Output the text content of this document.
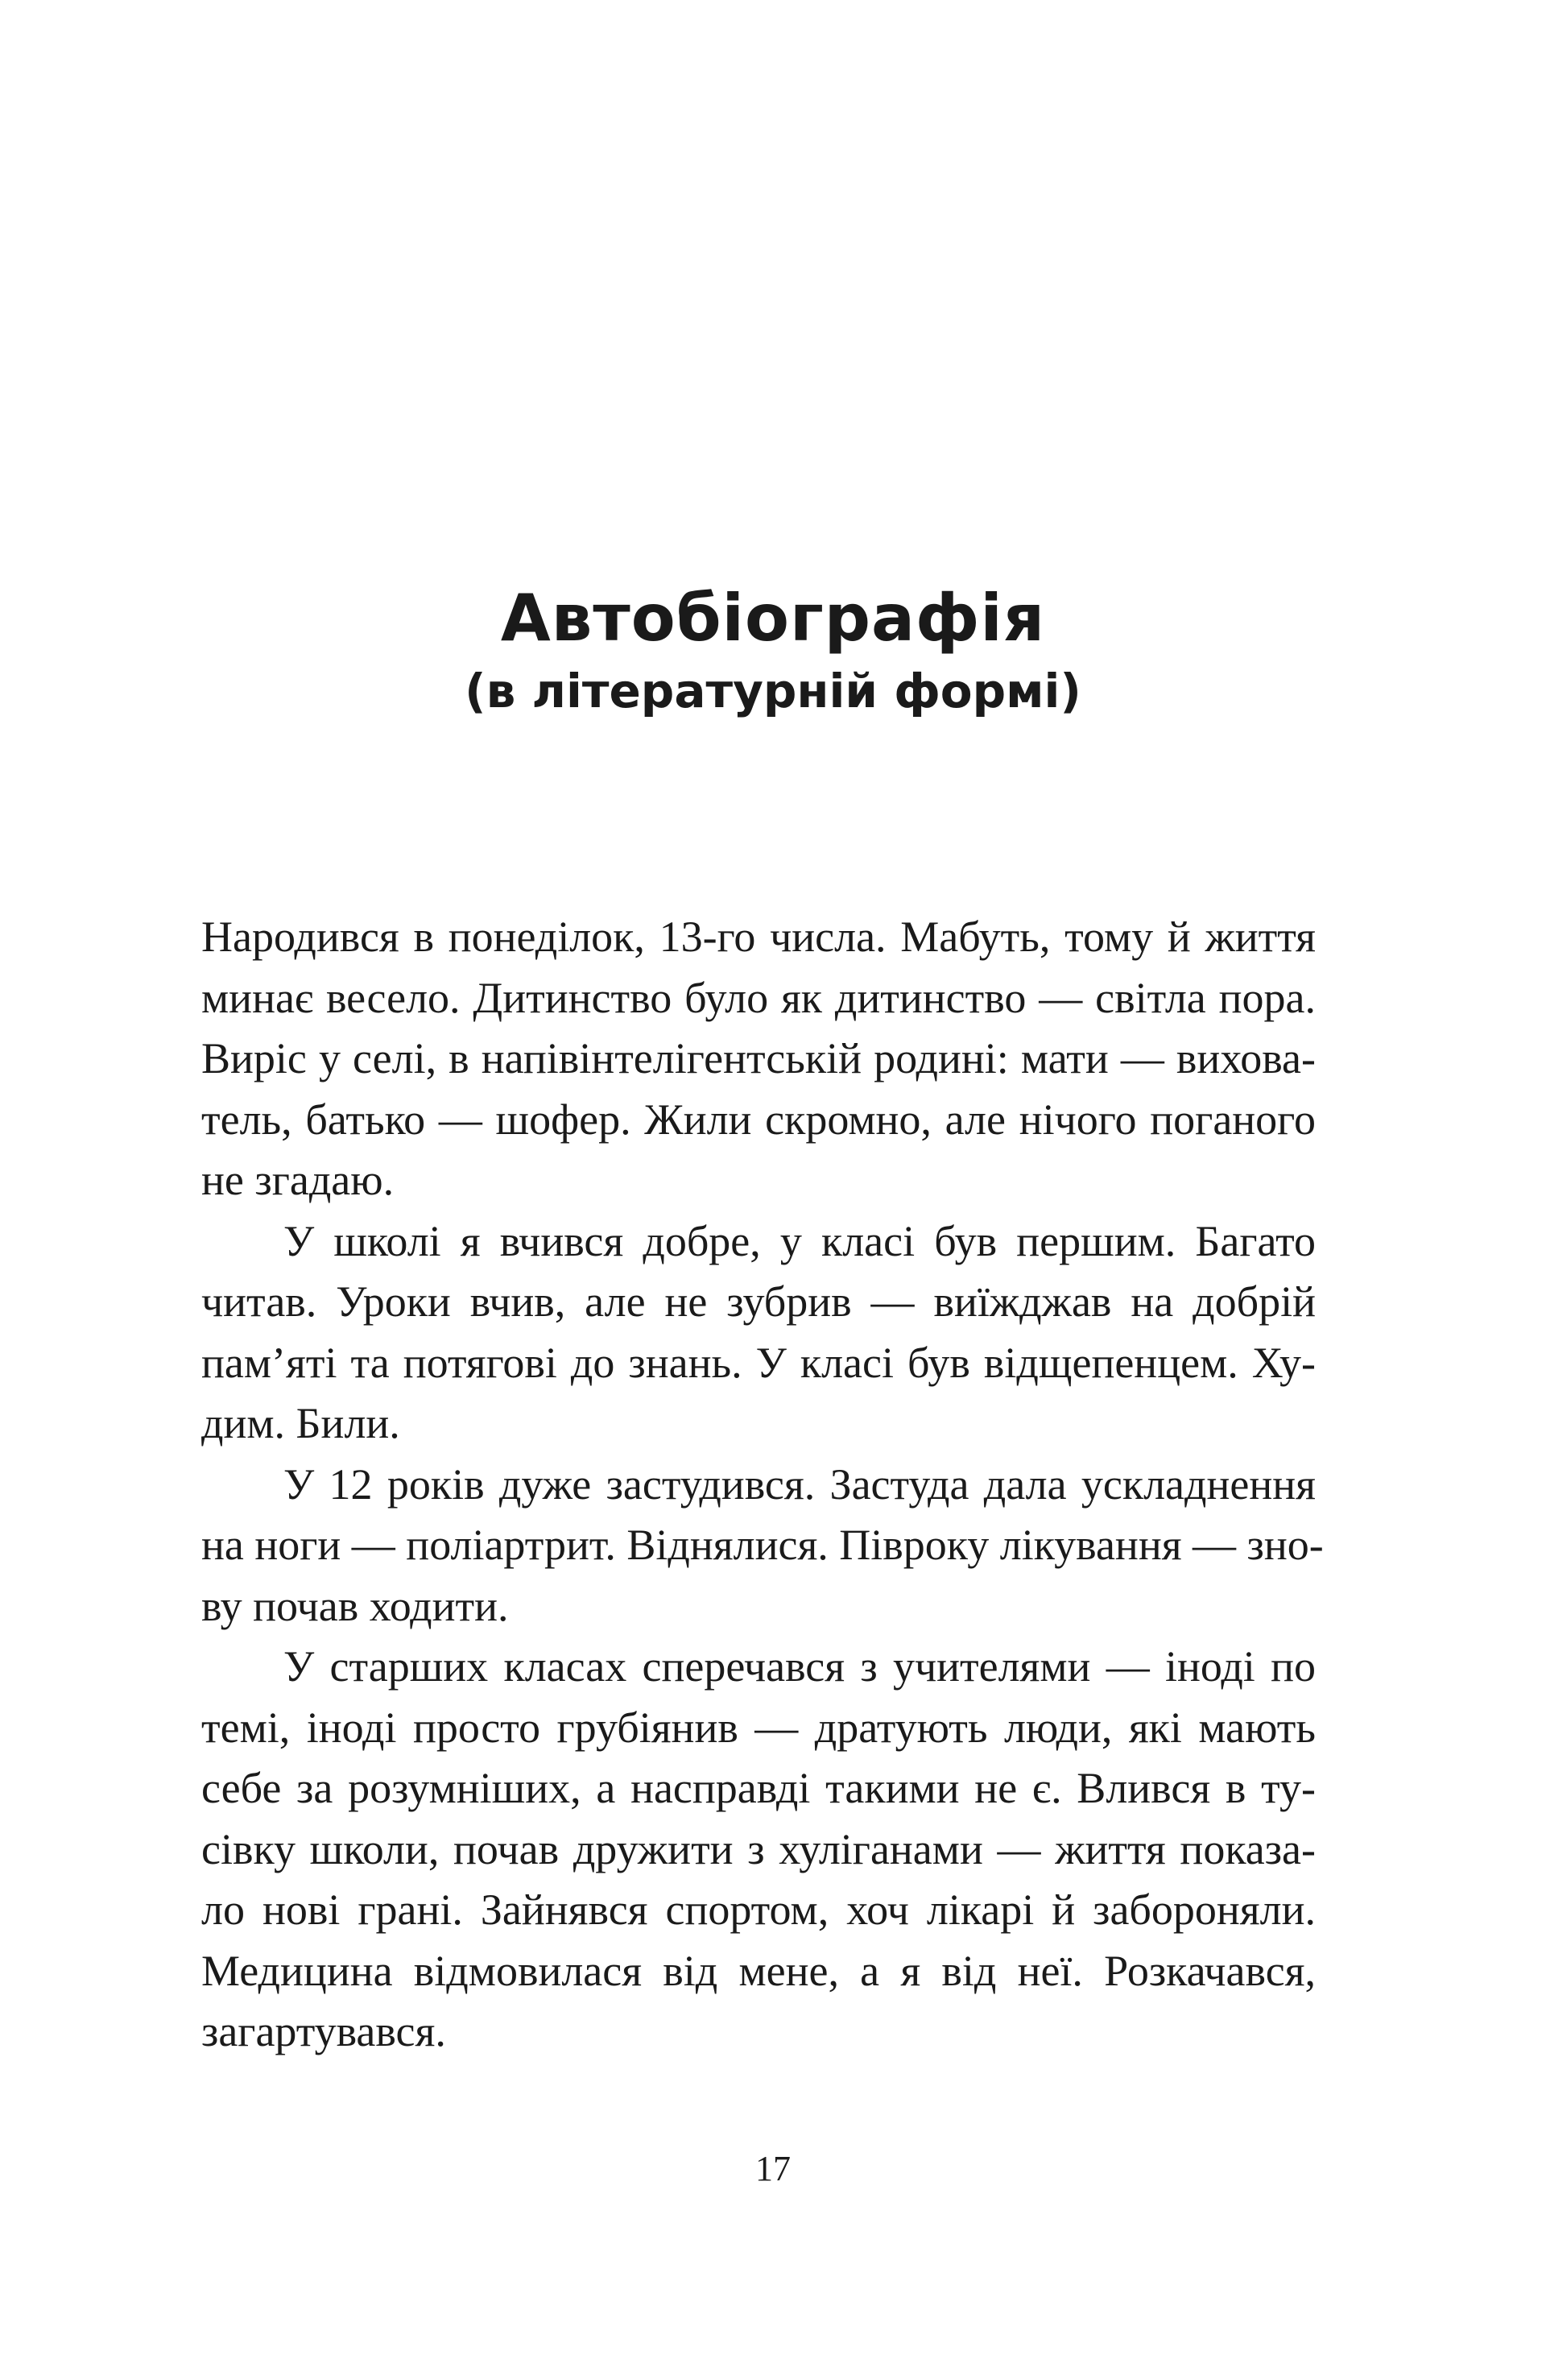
Автобіографія
(в літературній формі)

Народився в понеділок, 13-го числа. Мабуть, тому й життя
минає весело. Дитинство було як дитинство — світла пора.
Виріс у селі, в напівінтелігентській родині: мати — вихова-
тель, батько — шофер. Жили скромно, але нічого поганого
не згадаю.

У школі я вчився добре, у класі був першим. Багато
читав. Уроки вчив, але не зубрив — виїжджав на добрій
пам’яті та потягові до знань. У класі був відщепенцем. Ху-
дим. Били.

У 12 років дуже застудився. Застуда дала ускладнення
на ноги — поліартрит. Віднялися. Півроку лікування — зно-
ву почав ходити.

У старших класах сперечався з учителями — іноді по
темі, іноді просто грубіянив — дратують люди, які мають
себе за розумніших, а насправді такими не є. Влився в ту-
сівку школи, почав дружити з хуліганами — життя показа-
ло нові грані. Зайнявся спортом, хоч лікарі й забороняли.
Медицина відмовилася від мене, а я від неї. Розкачався,
загартувався.

17
